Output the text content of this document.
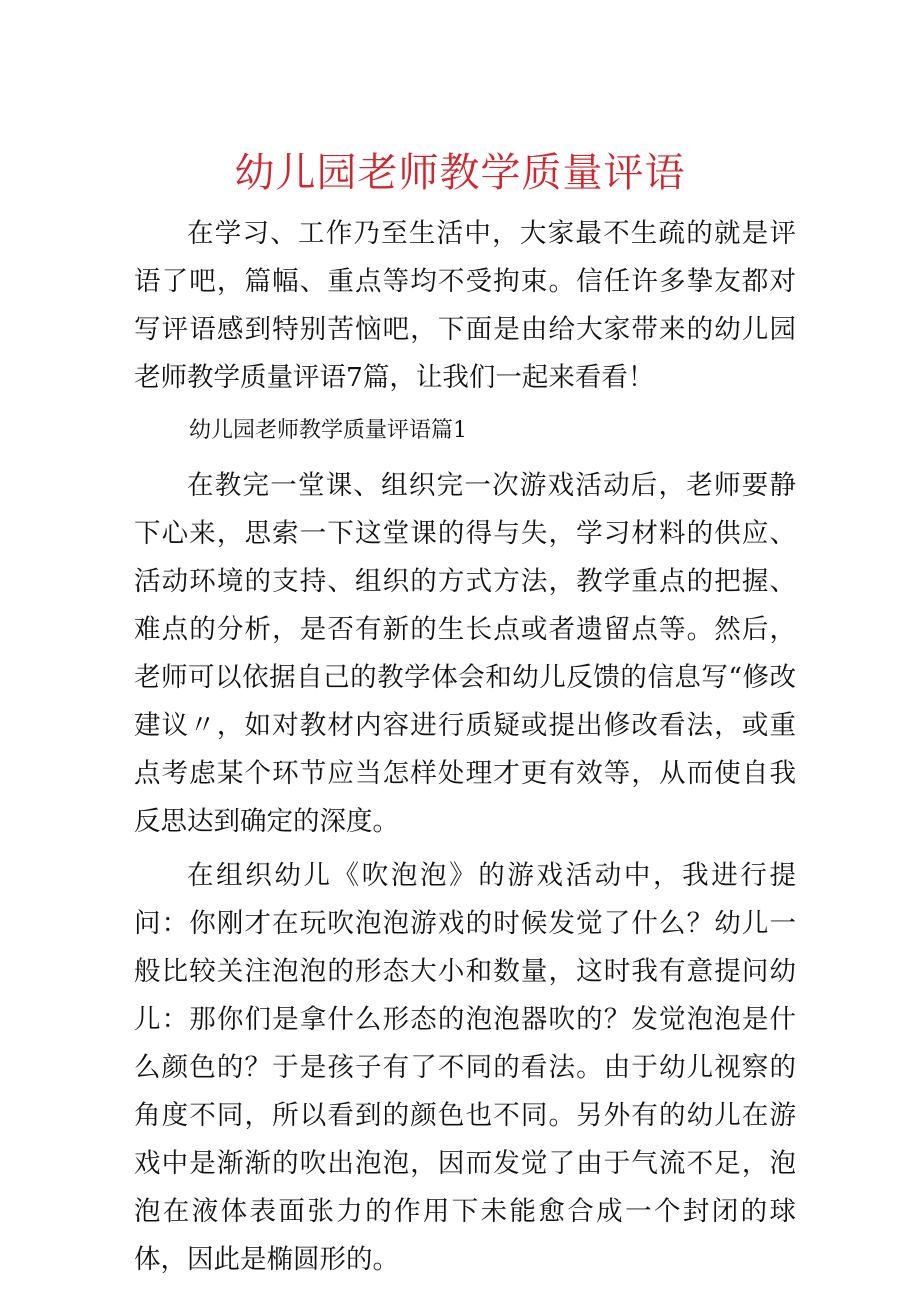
幼儿园老师教学质量评语

在学习、工作乃至生活中，大家最不生疏的就是评语了吧，篇幅、重点等均不受拘束。信任许多挚友都对写评语感到特别苦恼吧，下面是由给大家带来的幼儿园老师教学质量评语7篇，让我们一起来看看！

幼儿园老师教学质量评语篇1

在教完一堂课、组织完一次游戏活动后，老师要静下心来，思索一下这堂课的得与失，学习材料的供应、活动环境的支持、组织的方式方法，教学重点的把握、难点的分析，是否有新的生长点或者遗留点等。然后，老师可以依据自己的教学体会和幼儿反馈的信息写“修改建议〃，如对教材内容进行质疑或提出修改看法，或重点考虑某个环节应当怎样处理才更有效等，从而使自我反思达到确定的深度。

在组织幼儿《吹泡泡》的游戏活动中，我进行提问：你刚才在玩吹泡泡游戏的时候发觉了什么？幼儿一般比较关注泡泡的形态大小和数量，这时我有意提问幼儿：那你们是拿什么形态的泡泡器吹的？发觉泡泡是什么颜色的？于是孩子有了不同的看法。由于幼儿视察的角度不同，所以看到的颜色也不同。另外有的幼儿在游戏中是渐渐的吹出泡泡，因而发觉了由于气流不足，泡泡在液体表面张力的作用下未能愈合成一个封闭的球体，因此是椭圆形的。
